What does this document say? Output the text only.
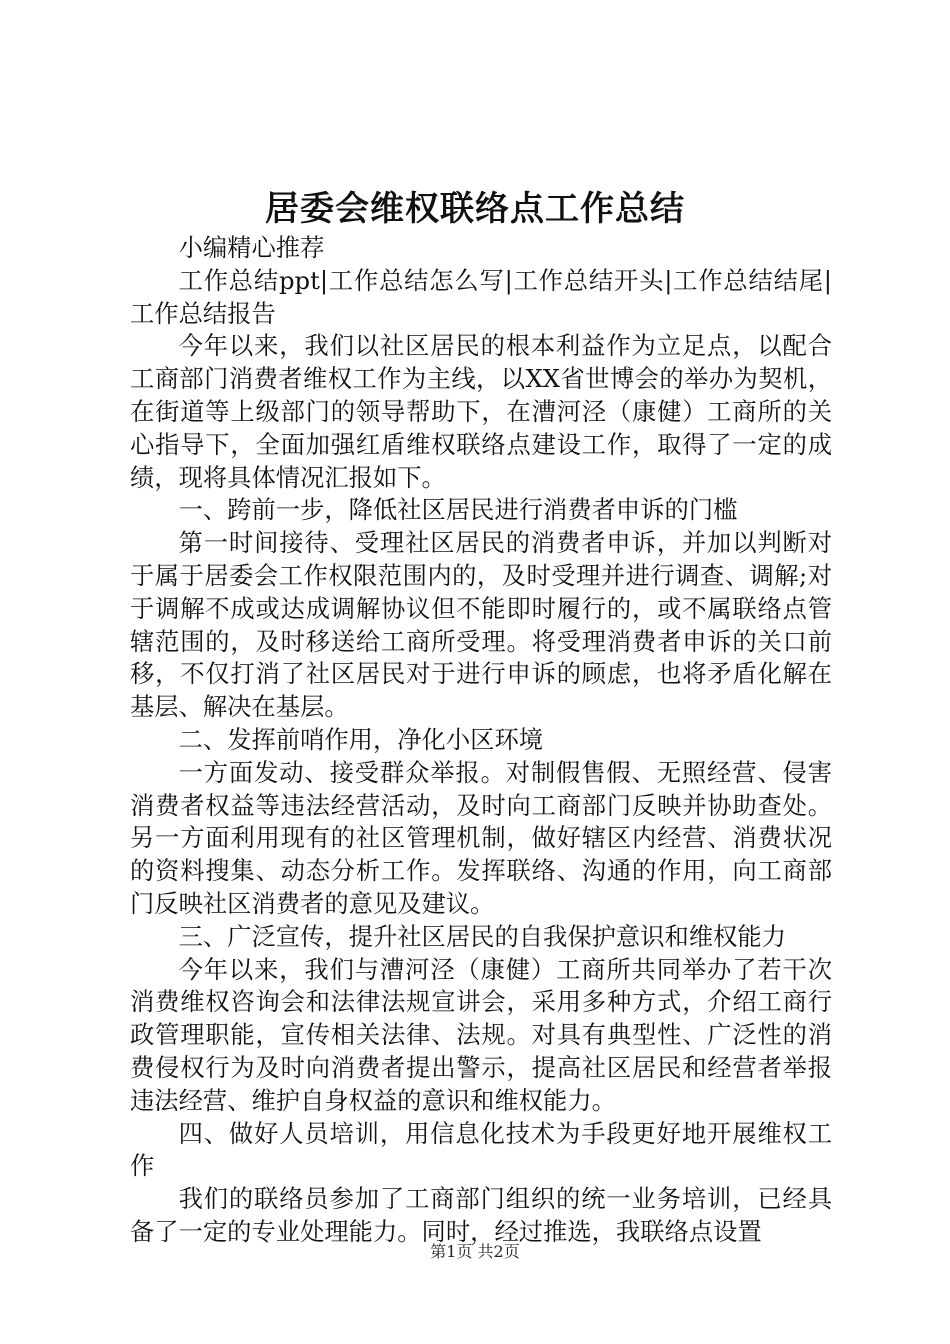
居委会维权联络点工作总结

小编精心推荐

工作总结ppt|工作总结怎么写|工作总结开头|工作总结结尾|工作总结报告

今年以来，我们以社区居民的根本利益作为立足点，以配合工商部门消费者维权工作为主线，以XX省世博会的举办为契机，在街道等上级部门的领导帮助下，在漕河泾（康健）工商所的关心指导下，全面加强红盾维权联络点建设工作，取得了一定的成绩，现将具体情况汇报如下。

一、跨前一步，降低社区居民进行消费者申诉的门槛

第一时间接待、受理社区居民的消费者申诉，并加以判断对于属于居委会工作权限范围内的，及时受理并进行调查、调解;对于调解不成或达成调解协议但不能即时履行的，或不属联络点管辖范围的，及时移送给工商所受理。将受理消费者申诉的关口前移，不仅打消了社区居民对于进行申诉的顾虑，也将矛盾化解在基层、解决在基层。

二、发挥前哨作用，净化小区环境

一方面发动、接受群众举报。对制假售假、无照经营、侵害消费者权益等违法经营活动，及时向工商部门反映并协助查处。另一方面利用现有的社区管理机制，做好辖区内经营、消费状况的资料搜集、动态分析工作。发挥联络、沟通的作用，向工商部门反映社区消费者的意见及建议。

三、广泛宣传，提升社区居民的自我保护意识和维权能力

今年以来，我们与漕河泾（康健）工商所共同举办了若干次消费维权咨询会和法律法规宣讲会，采用多种方式，介绍工商行政管理职能，宣传相关法律、法规。对具有典型性、广泛性的消费侵权行为及时向消费者提出警示，提高社区居民和经营者举报违法经营、维护自身权益的意识和维权能力。

四、做好人员培训，用信息化技术为手段更好地开展维权工作

我们的联络员参加了工商部门组织的统一业务培训，已经具备了一定的专业处理能力。同时，经过推选，我联络点设置

第1页 共2页
